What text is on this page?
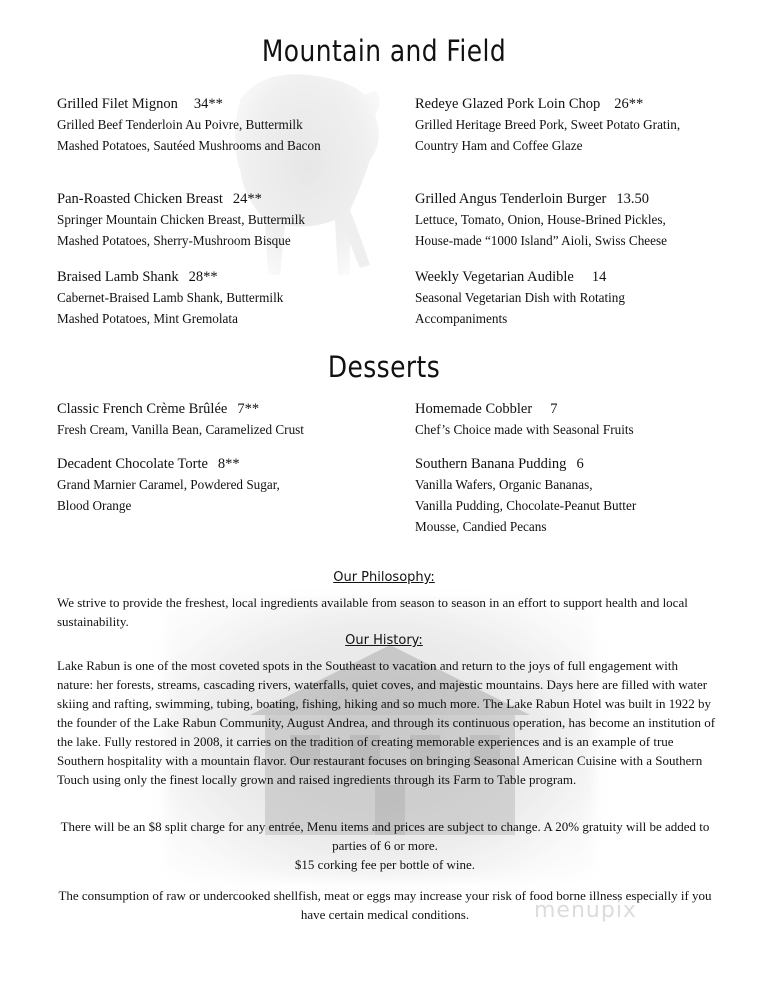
Mountain and Field
Grilled Filet Mignon 34**
Grilled Beef Tenderloin Au Poivre, Buttermilk
Mashed Potatoes, Sautéed Mushrooms and Bacon
Redeye Glazed Pork Loin Chop 26**
Grilled Heritage Breed Pork, Sweet Potato Gratin,
Country Ham and Coffee Glaze
Pan-Roasted Chicken Breast 24**
Springer Mountain Chicken Breast, Buttermilk
Mashed Potatoes, Sherry-Mushroom Bisque
Grilled Angus Tenderloin Burger 13.50
Lettuce, Tomato, Onion, House-Brined Pickles,
House-made “1000 Island” Aioli, Swiss Cheese
Braised Lamb Shank 28**
Cabernet-Braised Lamb Shank, Buttermilk
Mashed Potatoes, Mint Gremolata
Weekly Vegetarian Audible 14
Seasonal Vegetarian Dish with Rotating
Accompaniments
Desserts
Classic French Crème Brûlée 7**
Fresh Cream, Vanilla Bean, Caramelized Crust
Homemade Cobbler 7
Chef’s Choice made with Seasonal Fruits
Decadent Chocolate Torte 8**
Grand Marnier Caramel, Powdered Sugar,
Blood Orange
Southern Banana Pudding 6
Vanilla Wafers, Organic Bananas,
Vanilla Pudding, Chocolate-Peanut Butter
Mousse, Candied Pecans
Our Philosophy:
We strive to provide the freshest, local ingredients available from season to season in an effort to support health and local sustainability.
Our History:
Lake Rabun is one of the most coveted spots in the Southeast to vacation and return to the joys of full engagement with nature: her forests, streams, cascading rivers, waterfalls, quiet coves, and majestic mountains. Days here are filled with water skiing and rafting, swimming, tubing, boating, fishing, hiking and so much more. The Lake Rabun Hotel was built in 1922 by the founder of the Lake Rabun Community, August Andrea, and through its continuous operation, has become an institution of the lake. Fully restored in 2008, it carries on the tradition of creating memorable experiences and is an example of true Southern hospitality with a mountain flavor. Our restaurant focuses on bringing Seasonal American Cuisine with a Southern Touch using only the finest locally grown and raised ingredients through its Farm to Table program.
There will be an $8 split charge for any entrée, Menu items and prices are subject to change. A 20% gratuity will be added to parties of 6 or more.
$15 corking fee per bottle of wine.
The consumption of raw or undercooked shellfish, meat or eggs may increase your risk of food borne illness especially if you have certain medical conditions.	menupix
